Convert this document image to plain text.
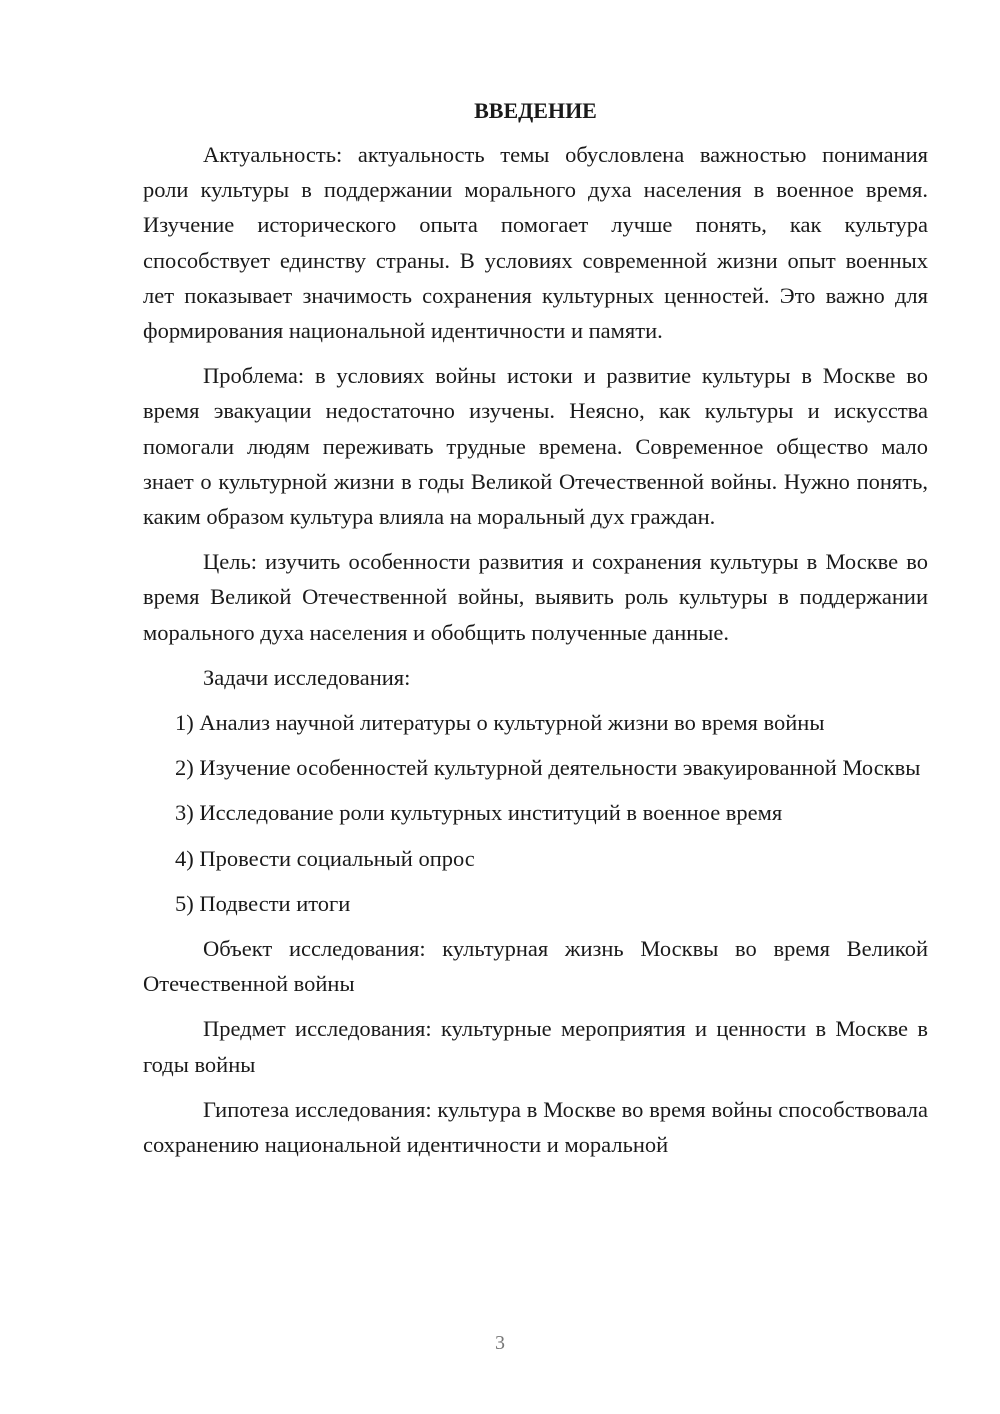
ВВЕДЕНИЕ

Актуальность: актуальность темы обусловлена важностью понимания роли культуры в поддержании морального духа населения в военное время. Изучение исторического опыта помогает лучше понять, как культура способствует единству страны. В условиях современной жизни опыт военных лет показывает значимость сохранения культурных ценностей. Это важно для формирования национальной идентичности и памяти.

Проблема: в условиях войны истоки и развитие культуры в Москве во время эвакуации недостаточно изучены. Неясно, как культуры и искусства помогали людям переживать трудные времена. Современное общество мало знает о культурной жизни в годы Великой Отечественной войны. Нужно понять, каким образом культура влияла на моральный дух граждан.

Цель: изучить особенности развития и сохранения культуры в Москве во время Великой Отечественной войны, выявить роль культуры в поддержании морального духа населения и обобщить полученные данные.

Задачи исследования:

1) Анализ научной литературы о культурной жизни во время войны

2) Изучение особенностей культурной деятельности эвакуированной Москвы

3) Исследование роли культурных институций в военное время

4) Провести социальный опрос

5) Подвести итоги

Объект исследования: культурная жизнь Москвы во время Великой Отечественной войны

Предмет исследования: культурные мероприятия и ценности в Москве в годы войны

Гипотеза исследования: культура в Москве во время войны способствовала сохранению национальной идентичности и моральной

3
